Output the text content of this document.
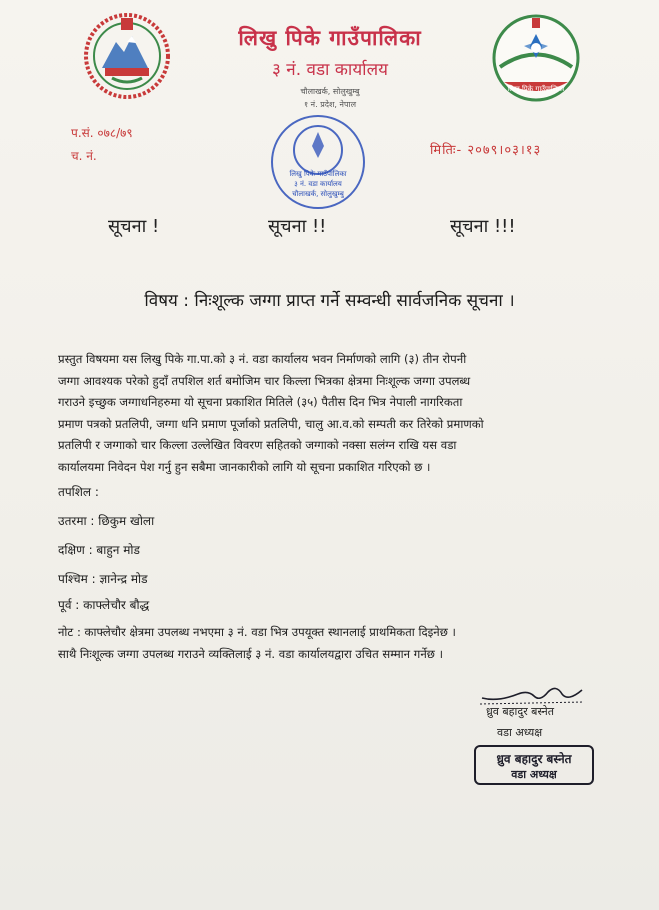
लिखु पिके गाउँपालिका
३ नं. वडा कार्यालय
चौलाखर्क, सोलुखुम्बु
१ नं. प्रदेश, नेपाल
लिखु पिके गाउँपालिका
प.सं. ०७८/७९
च. नं.	मितिः- २०७९।०३।१३
लिखु पिके गाउँपालिका
३ नं. वडा कार्यालय
चौलाखर्क, सोलुखुम्बु
सूचना !	सूचना !!	सूचना !!!
विषय : निःशूल्क जग्गा प्राप्त गर्ने सम्वन्धी सार्वजनिक सूचना ।
प्रस्तुत विषयमा यस लिखु पिके गा.पा.को ३ नं. वडा कार्यालय भवन निर्माणको लागि (३) तीन रोपनी
जग्गा आवश्यक परेको हुदाँ तपशिल शर्त बमोजिम चार किल्ला भित्रका क्षेत्रमा निःशूल्क जग्गा उपलब्ध
गराउने इच्छुक जग्गाधनिहरुमा यो सूचना प्रकाशित मितिले (३५) पैतीस दिन भित्र नेपाली नागरिकता
प्रमाण पत्रको प्रतलिपी, जग्गा धनि प्रमाण पूर्जाको प्रतलिपी, चालु आ.व.को सम्पती कर तिरेको प्रमाणको
प्रतलिपी र जग्गाको चार किल्ला उल्लेखित विवरण सहितको जग्गाको नक्सा सलंग्न राखि यस वडा
कार्यालयमा निवेदन पेश गर्नु हुन सबैमा जानकारीको लागि यो सूचना प्रकाशित गरिएको छ ।
तपशिल :
उतरमा : छिकुम खोला
दक्षिण : बाहुन मोड
पश्चिम : ज्ञानेन्द्र मोड
पूर्व : काफ्लेचौर बौद्ध
नोट : काफ्लेचौर क्षेत्रमा उपलब्ध नभएमा ३ नं. वडा भित्र उपयूक्त स्थानलाई प्राथमिकता दिइनेछ ।
साथै निःशूल्क जग्गा उपलब्ध गराउने व्यक्तिलाई ३ नं. वडा कार्यालयद्वारा उचित सम्मान गर्नेछ ।
ध्रुव बहादुर बस्नेत
वडा अध्यक्ष
ध्रुव बहादुर बस्नेत
वडा अध्यक्ष
